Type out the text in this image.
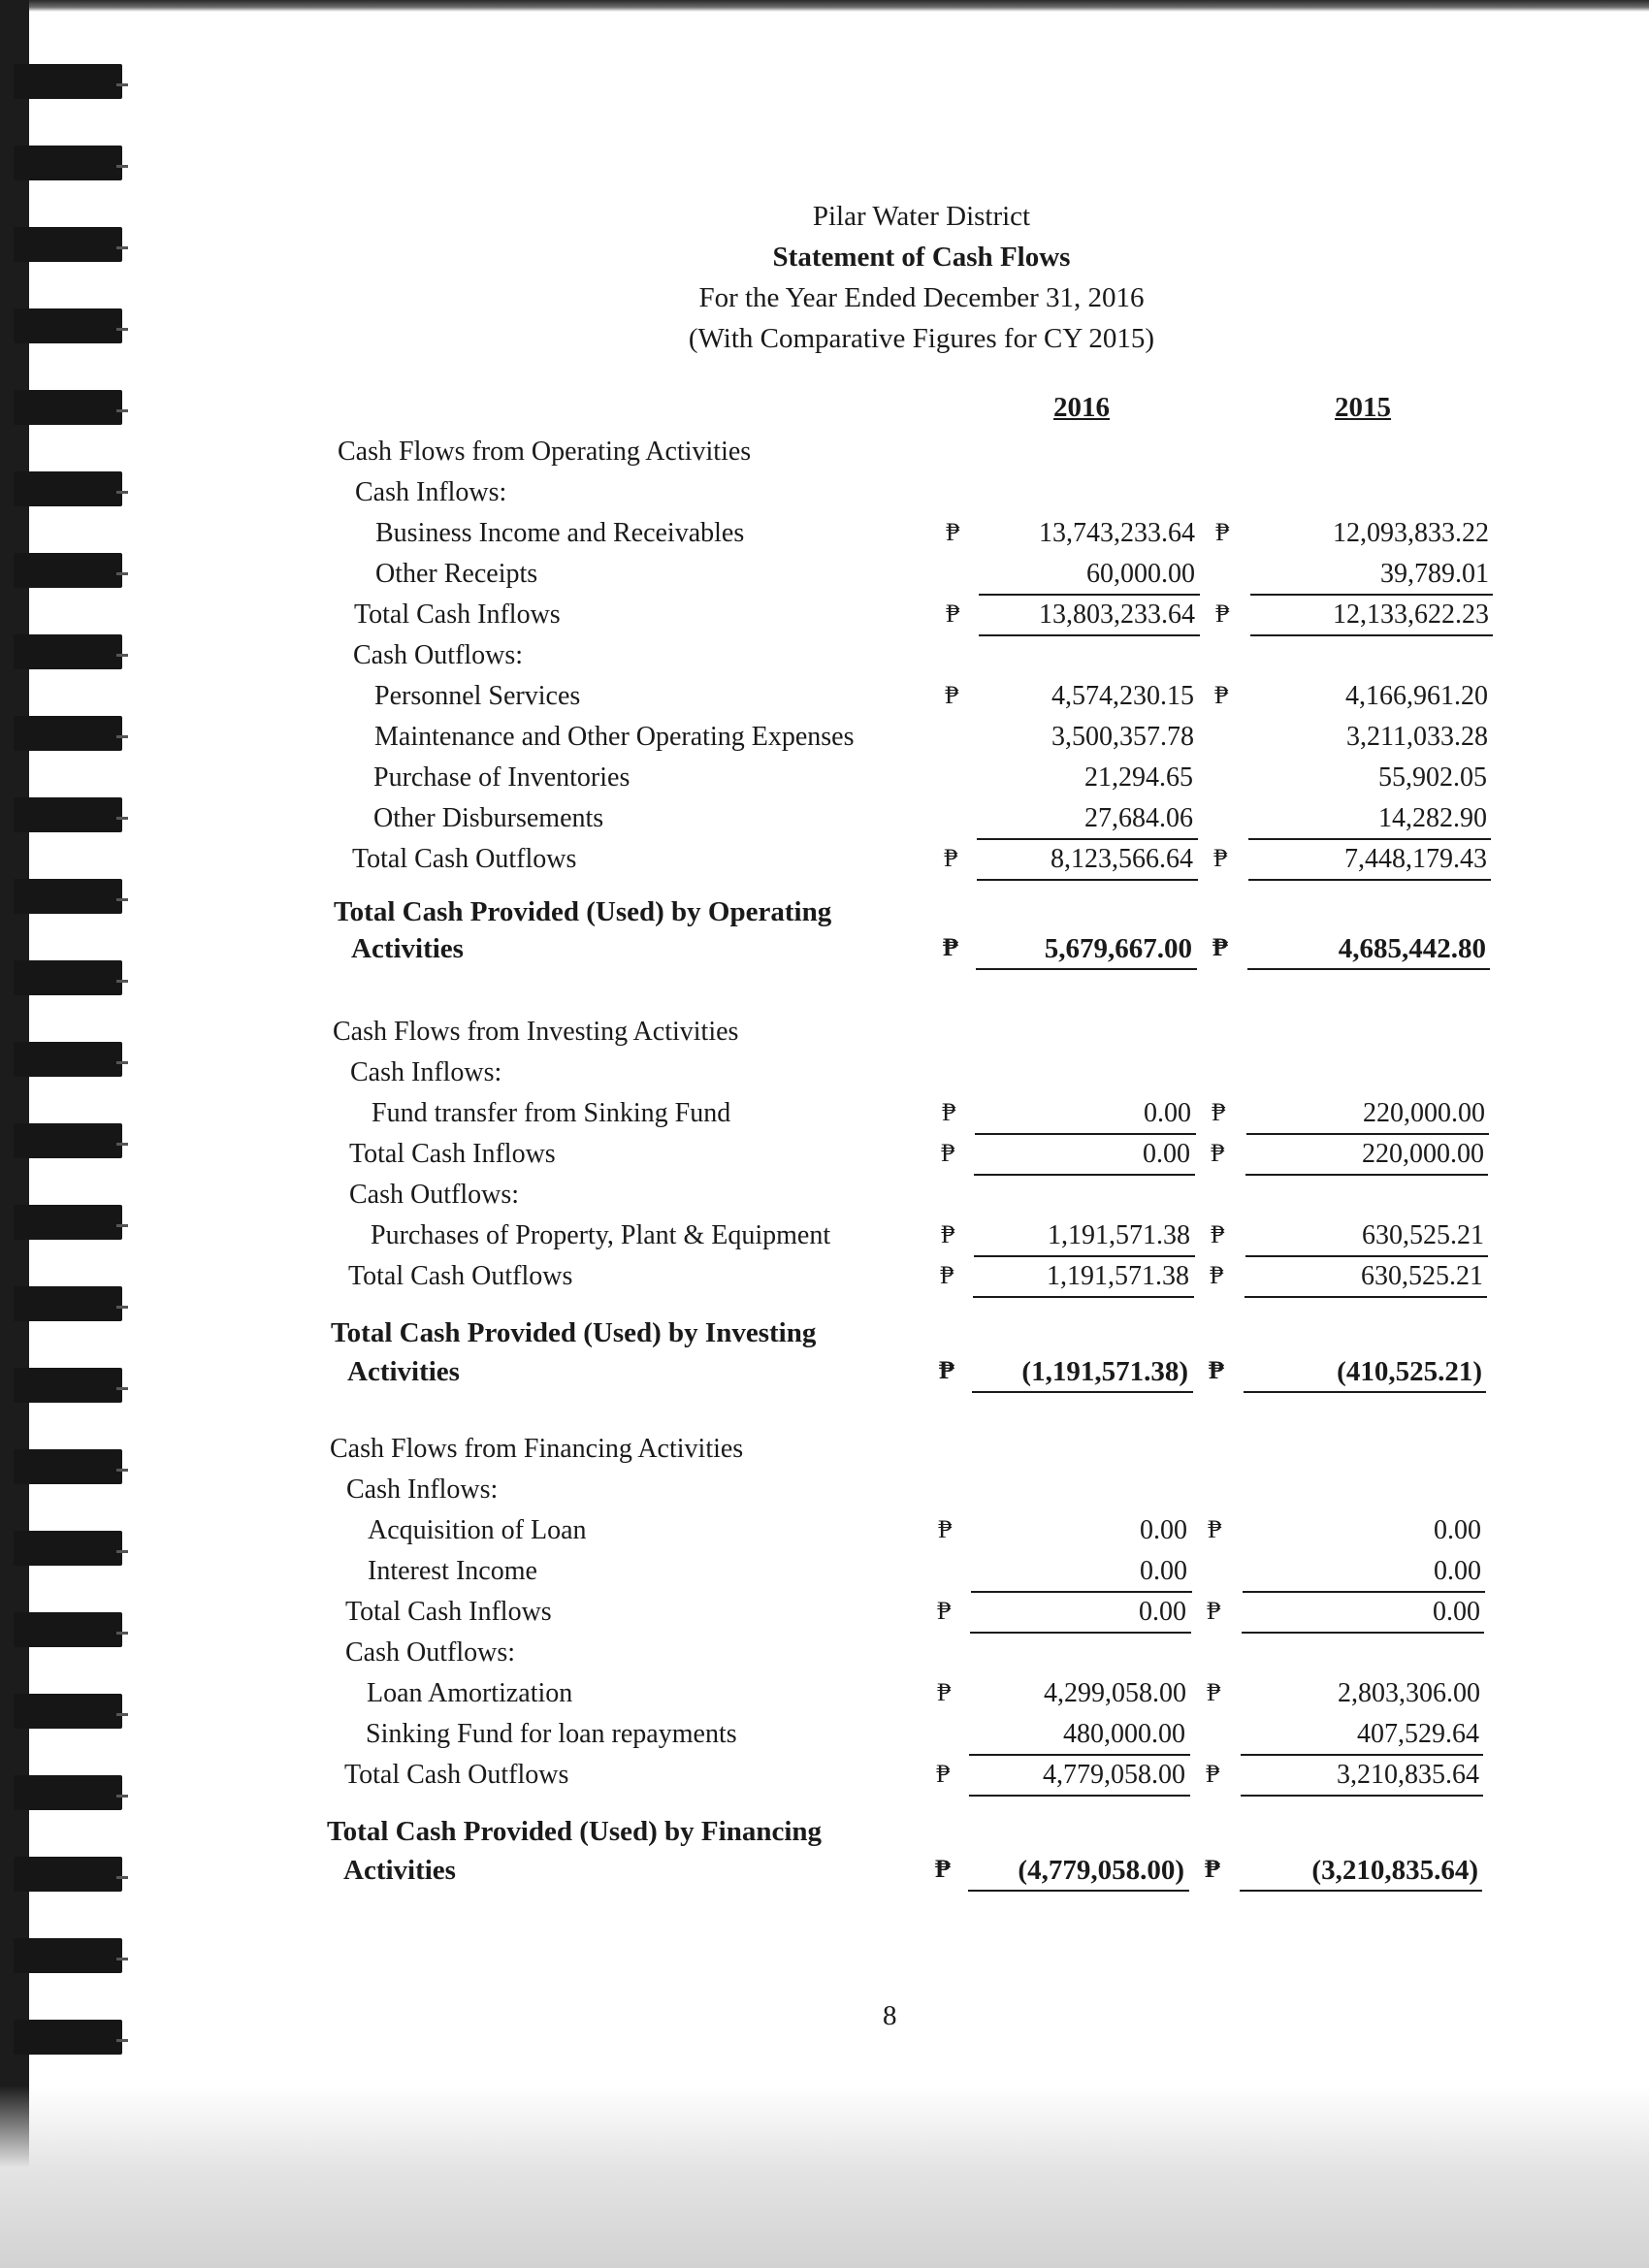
Pilar Water District
Statement of Cash Flows
For the Year Ended December 31, 2016
(With Comparative Figures for CY 2015)
2016	2015
Cash Flows from Operating Activities
Cash Inflows:
Business Income and Receivables	₱	13,743,233.64 ₱	12,093,833.22
Other Receipts	60,000.00	39,789.01
Total Cash Inflows	₱	13,803,233.64 ₱	12,133,622.23
Cash Outflows:
Personnel Services	₱	4,574,230.15 ₱	4,166,961.20
Maintenance and Other Operating Expenses	3,500,357.78	3,211,033.28
Purchase of Inventories	21,294.65	55,902.05
Other Disbursements	27,684.06	14,282.90
Total Cash Outflows	₱	8,123,566.64 ₱	7,448,179.43
Total Cash Provided (Used) by Operating
Activities	₱	5,679,667.00 ₱	4,685,442.80
Cash Flows from Investing Activities
Cash Inflows:
Fund transfer from Sinking Fund	₱	0.00 ₱	220,000.00
Total Cash Inflows	₱	0.00 ₱	220,000.00
Cash Outflows:
Purchases of Property, Plant & Equipment	₱	1,191,571.38 ₱	630,525.21
Total Cash Outflows	₱	1,191,571.38 ₱	630,525.21
Total Cash Provided (Used) by Investing
Activities	₱ (1,191,571.38) ₱	(410,525.21)
Cash Flows from Financing Activities
Cash Inflows:
Acquisition of Loan	₱	0.00 ₱	0.00
Interest Income	0.00	0.00
Total Cash Inflows	₱	0.00 ₱	0.00
Cash Outflows:
Loan Amortization	₱	4,299,058.00 ₱	2,803,306.00
Sinking Fund for loan repayments	480,000.00	407,529.64
Total Cash Outflows	₱	4,779,058.00 ₱	3,210,835.64
Total Cash Provided (Used) by Financing
Activities	₱ (4,779,058.00) ₱	(3,210,835.64)
8
